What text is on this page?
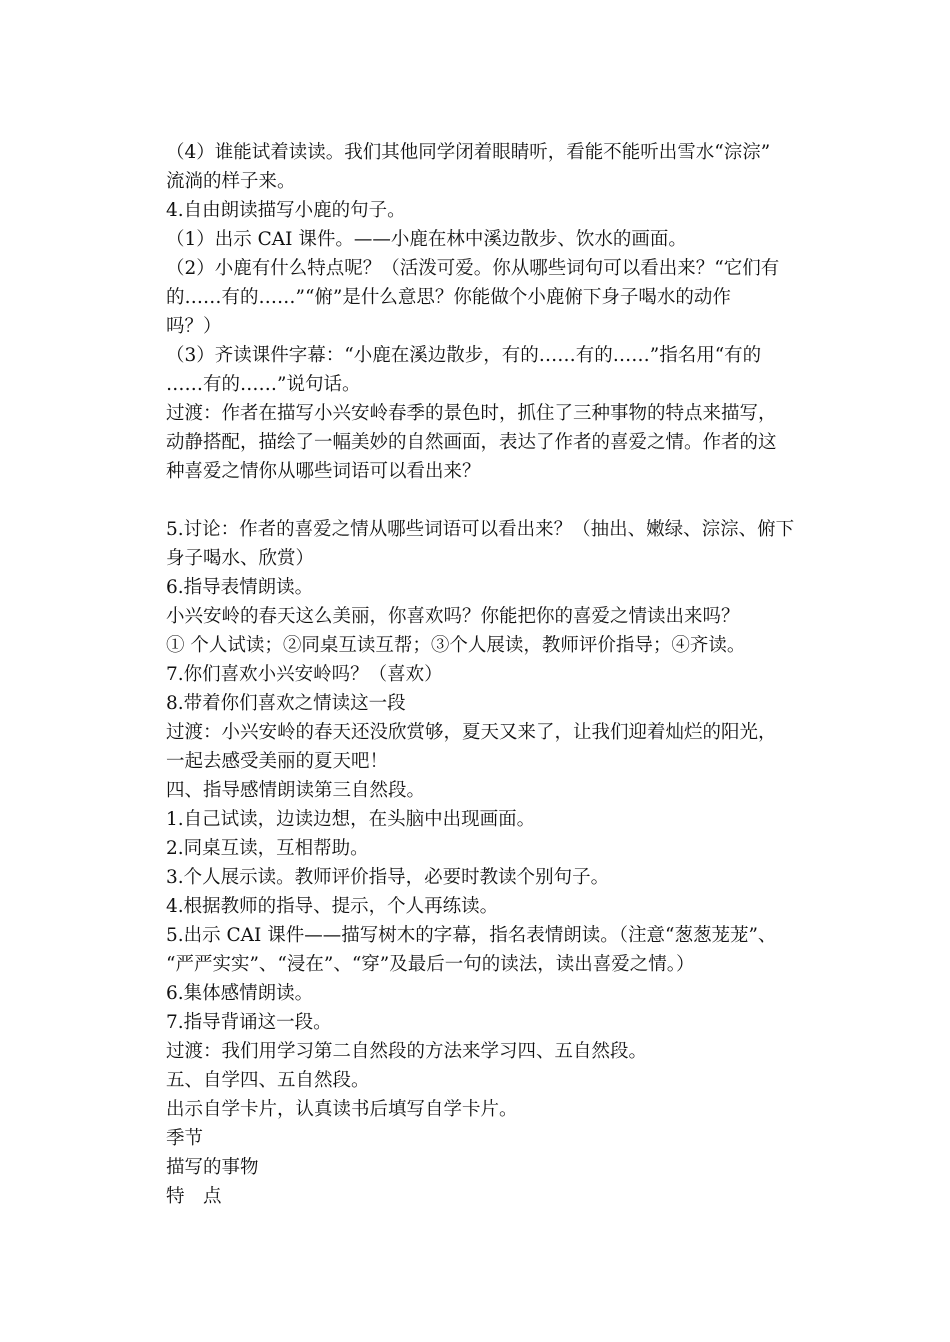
（4）谁能试着读读。我们其他同学闭着眼睛听，看能不能听出雪水“淙淙”
流淌的样子来。
4.自由朗读描写小鹿的句子。
（1）出示 CAI 课件。——小鹿在林中溪边散步、饮水的画面。
（2）小鹿有什么特点呢？（活泼可爱。你从哪些词句可以看出来？“它们有
的……有的……”“俯”是什么意思？你能做个小鹿俯下身子喝水的动作
吗？）
（3）齐读课件字幕：“小鹿在溪边散步，有的……有的……”指名用“有的
……有的……”说句话。
过渡：作者在描写小兴安岭春季的景色时，抓住了三种事物的特点来描写，
动静搭配，描绘了一幅美妙的自然画面，表达了作者的喜爱之情。作者的这
种喜爱之情你从哪些词语可以看出来？
5.讨论：作者的喜爱之情从哪些词语可以看出来？（抽出、嫩绿、淙淙、俯下
身子喝水、欣赏）
6.指导表情朗读。
小兴安岭的春天这么美丽，你喜欢吗？你能把你的喜爱之情读出来吗？
① 个人试读；②同桌互读互帮；③个人展读，教师评价指导；④齐读。
7.你们喜欢小兴安岭吗？（喜欢）
8.带着你们喜欢之情读这一段
过渡：小兴安岭的春天还没欣赏够，夏天又来了，让我们迎着灿烂的阳光，
一起去感受美丽的夏天吧！
四、指导感情朗读第三自然段。
1.自己试读，边读边想，在头脑中出现画面。
2.同桌互读，互相帮助。
3.个人展示读。教师评价指导，必要时教读个别句子。
4.根据教师的指导、提示，个人再练读。
5.出示 CAI 课件——描写树木的字幕，指名表情朗读。（注意“葱葱茏茏”、
“严严实实”、“浸在”、“穿”及最后一句的读法，读出喜爱之情。）
6.集体感情朗读。
7.指导背诵这一段。
过渡：我们用学习第二自然段的方法来学习四、五自然段。
五、自学四、五自然段。
出示自学卡片，认真读书后填写自学卡片。
季节
描写的事物
特　点
